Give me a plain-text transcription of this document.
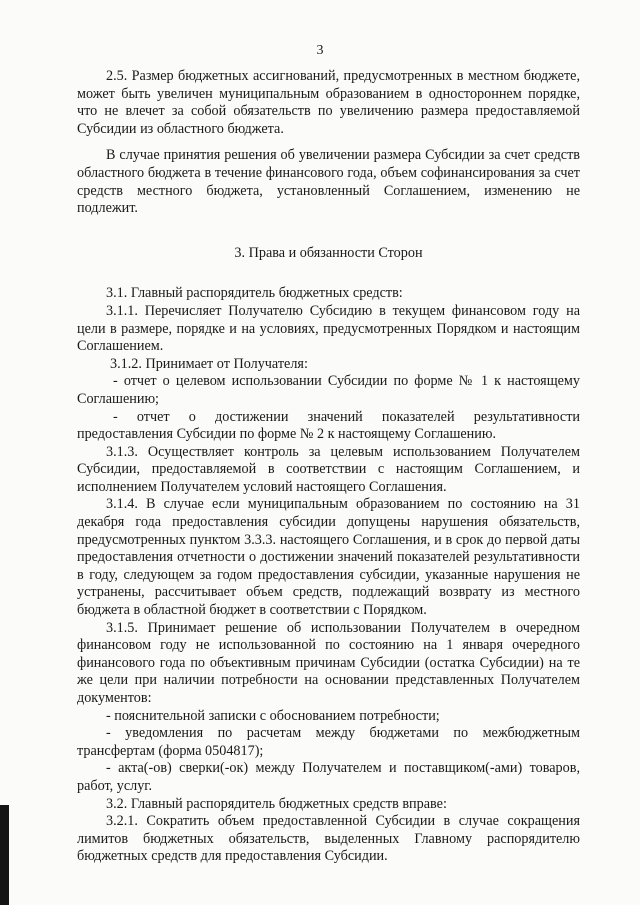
3

2.5. Размер бюджетных ассигнований, предусмотренных в местном бюджете, может быть увеличен муниципальным образованием в одностороннем порядке, что не влечет за собой обязательств по увеличению размера предоставляемой Субсидии из областного бюджета.

В случае принятия решения об увеличении размера Субсидии за счет средств областного бюджета в течение финансового года, объем софинансирования за счет средств местного бюджета, установленный Соглашением, изменению не подлежит.

3. Права и обязанности Сторон

3.1. Главный распорядитель бюджетных средств:

3.1.1. Перечисляет Получателю Субсидию в текущем финансовом году на цели в размере, порядке и на условиях, предусмотренных Порядком и настоящим Соглашением.

3.1.2. Принимает от Получателя:

- отчет о целевом использовании Субсидии по форме № 1 к настоящему Соглашению;

- отчет о достижении значений показателей результативности предоставления Субсидии по форме № 2 к настоящему Соглашению.

3.1.3. Осуществляет контроль за целевым использованием Получателем Субсидии, предоставляемой в соответствии с настоящим Соглашением, и исполнением Получателем условий настоящего Соглашения.

3.1.4. В случае если муниципальным образованием по состоянию на 31 декабря года предоставления субсидии допущены нарушения обязательств, предусмотренных пунктом 3.3.3. настоящего Соглашения, и в срок до первой даты предоставления отчетности о достижении значений показателей результативности в году, следующем за годом предоставления субсидии, указанные нарушения не устранены, рассчитывает объем средств, подлежащий возврату из местного бюджета в областной бюджет в соответствии с Порядком.

3.1.5. Принимает решение об использовании Получателем в очередном финансовом году не использованной по состоянию на 1 января очередного финансового года по объективным причинам Субсидии (остатка Субсидии) на те же цели при наличии потребности на основании представленных Получателем документов:

- пояснительной записки с обоснованием потребности;

- уведомления по расчетам между бюджетами по межбюджетным трансфертам (форма 0504817);

- акта(-ов) сверки(-ок) между Получателем и поставщиком(-ами) товаров, работ, услуг.

3.2. Главный распорядитель бюджетных средств вправе:

3.2.1. Сократить объем предоставленной Субсидии в случае сокращения лимитов бюджетных обязательств, выделенных Главному распорядителю бюджетных средств для предоставления Субсидии.
